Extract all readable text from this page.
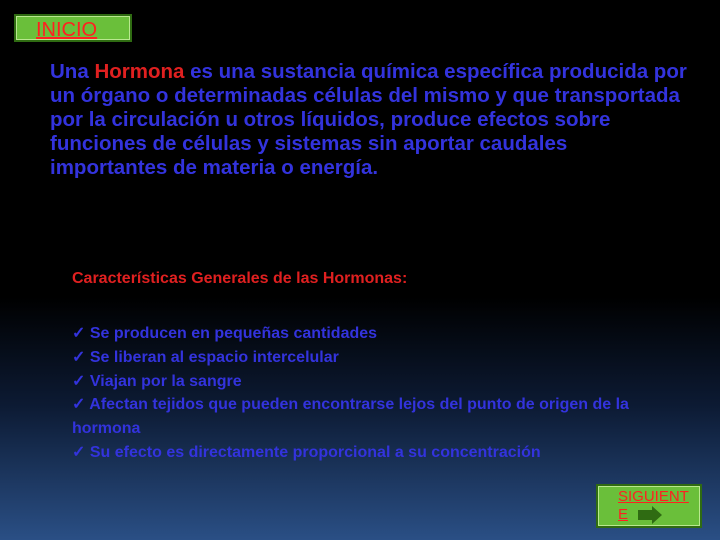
INICIO
Una Hormona es una sustancia química específica producida por un órgano o determinadas células del mismo y que transportada por la circulación u otros líquidos, produce efectos sobre funciones de células y sistemas sin aportar caudales importantes de materia o energía.
Características Generales de las Hormonas:
✓ Se producen en pequeñas cantidades
✓ Se liberan al espacio intercelular
✓ Viajan por la sangre
✓ Afectan tejidos que pueden encontrarse lejos del punto de origen de la hormona
✓ Su efecto es directamente proporcional a su concentración
SIGUIENT
E
